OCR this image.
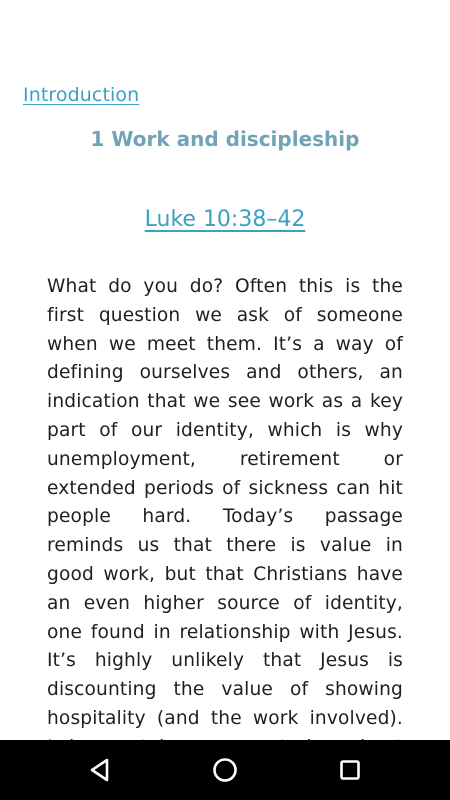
Introduction
1 Work and discipleship
Luke 10:38–42

What do you do? Often this is the first question we ask of someone when we meet them. It’s a way of defining ourselves and others, an indication that we see work as a key part of our identity, which is why unemployment, retirement or extended periods of sickness can hit people hard. Today’s passage reminds us that there is value in good work, but that Christians have an even higher source of identity, one found in relationship with Jesus. It’s highly unlikely that Jesus is discounting the value of showing hospitality (and the work involved).
